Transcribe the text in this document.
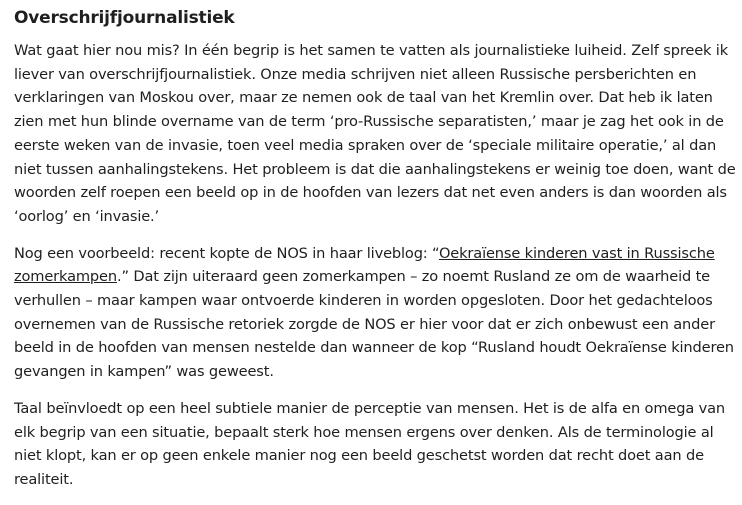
Overschrijfjournalistiek

Wat gaat hier nou mis? In één begrip is het samen te vatten als journalistieke luiheid. Zelf spreek ik liever van overschrijfjournalistiek. Onze media schrijven niet alleen Russische persberichten en verklaringen van Moskou over, maar ze nemen ook de taal van het Kremlin over. Dat heb ik laten zien met hun blinde overname van de term ‘pro-Russische separatisten,’ maar je zag het ook in de eerste weken van de invasie, toen veel media spraken over de ‘speciale militaire operatie,’ al dan niet tussen aanhalingstekens. Het probleem is dat die aanhalingstekens er weinig toe doen, want de woorden zelf roepen een beeld op in de hoofden van lezers dat net even anders is dan woorden als ‘oorlog’ en ‘invasie.’

Nog een voorbeeld: recent kopte de NOS in haar liveblog: “Oekraïense kinderen vast in Russische zomerkampen.” Dat zijn uiteraard geen zomerkampen – zo noemt Rusland ze om de waarheid te verhullen – maar kampen waar ontvoerde kinderen in worden opgesloten. Door het gedachteloos overnemen van de Russische retoriek zorgde de NOS er hier voor dat er zich onbewust een ander beeld in de hoofden van mensen nestelde dan wanneer de kop “Rusland houdt Oekraïense kinderen gevangen in kampen” was geweest.

Taal beïnvloedt op een heel subtiele manier de perceptie van mensen. Het is de alfa en omega van elk begrip van een situatie, bepaalt sterk hoe mensen ergens over denken. Als de terminologie al niet klopt, kan er op geen enkele manier nog een beeld geschetst worden dat recht doet aan de realiteit.
